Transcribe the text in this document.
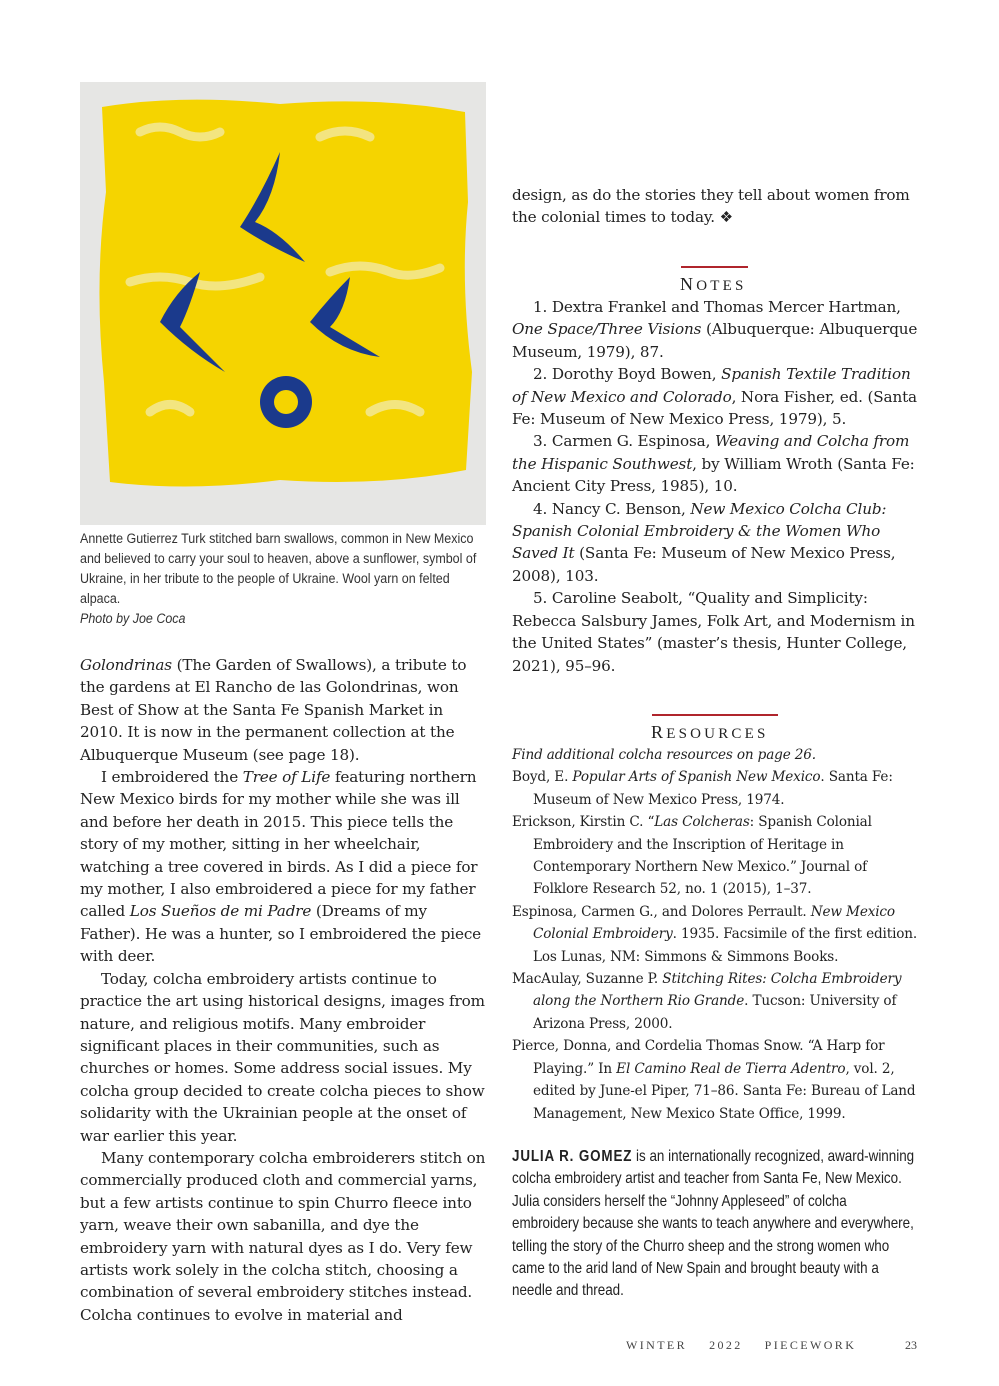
Annette Gutierrez Turk stitched barn swallows, common in New Mexico and believed to carry your soul to heaven, above a sunflower, symbol of Ukraine, in her tribute to the people of Ukraine. Wool yarn on felted alpaca.
Photo by Joe Coca

Golondrinas (The Garden of Swallows), a tribute to the gardens at El Rancho de las Golondrinas, won Best of Show at the Santa Fe Spanish Market in 2010. It is now in the permanent collection at the Albuquerque Museum (see page 18).

I embroidered the Tree of Life featuring northern New Mexico birds for my mother while she was ill and before her death in 2015. This piece tells the story of my mother, sitting in her wheelchair, watching a tree covered in birds. As I did a piece for my mother, I also embroidered a piece for my father called Los Sueños de mi Padre (Dreams of my Father). He was a hunter, so I embroidered the piece with deer.

Today, colcha embroidery artists continue to practice the art using historical designs, images from nature, and religious motifs. Many embroider significant places in their communities, such as churches or homes. Some address social issues. My colcha group decided to create colcha pieces to show solidarity with the Ukrainian people at the onset of war earlier this year.

Many contemporary colcha embroiderers stitch on commercially produced cloth and commercial yarns, but a few artists continue to spin Churro fleece into yarn, weave their own sabanilla, and dye the embroidery yarn with natural dyes as I do. Very few artists work solely in the colcha stitch, choosing a combination of several embroidery stitches instead. Colcha continues to evolve in material and

design, as do the stories they tell about women from the colonial times to today. ❖

NOTES

1. Dextra Frankel and Thomas Mercer Hartman, One Space/Three Visions (Albuquerque: Albuquerque Museum, 1979), 87.

2. Dorothy Boyd Bowen, Spanish Textile Tradition of New Mexico and Colorado, Nora Fisher, ed. (Santa Fe: Museum of New Mexico Press, 1979), 5.

3. Carmen G. Espinosa, Weaving and Colcha from the Hispanic Southwest, by William Wroth (Santa Fe: Ancient City Press, 1985), 10.

4. Nancy C. Benson, New Mexico Colcha Club: Spanish Colonial Embroidery & the Women Who Saved It (Santa Fe: Museum of New Mexico Press, 2008), 103.

5. Caroline Seabolt, “Quality and Simplicity: Rebecca Salsbury James, Folk Art, and Modernism in the United States” (master’s thesis, Hunter College, 2021), 95–96.

RESOURCES

Find additional colcha resources on page 26.

Boyd, E. Popular Arts of Spanish New Mexico. Santa Fe: Museum of New Mexico Press, 1974.

Erickson, Kirstin C. “Las Colcheras: Spanish Colonial Embroidery and the Inscription of Heritage in Contemporary Northern New Mexico.” Journal of Folklore Research 52, no. 1 (2015), 1–37.

Espinosa, Carmen G., and Dolores Perrault. New Mexico Colonial Embroidery. 1935. Facsimile of the first edition. Los Lunas, NM: Simmons & Simmons Books.

MacAulay, Suzanne P. Stitching Rites: Colcha Embroidery along the Northern Rio Grande. Tucson: University of Arizona Press, 2000.

Pierce, Donna, and Cordelia Thomas Snow. “A Harp for Playing.” In El Camino Real de Tierra Adentro, vol. 2, edited by June-el Piper, 71–86. Santa Fe: Bureau of Land Management, New Mexico State Office, 1999.

JULIA R. GOMEZ is an internationally recognized, award-winning colcha embroidery artist and teacher from Santa Fe, New Mexico. Julia considers herself the “Johnny Appleseed” of colcha embroidery because she wants to teach anywhere and everywhere, telling the story of the Churro sheep and the strong women who came to the arid land of New Spain and brought beauty with a needle and thread.
WINTER 2022 PIECEWORK	23
